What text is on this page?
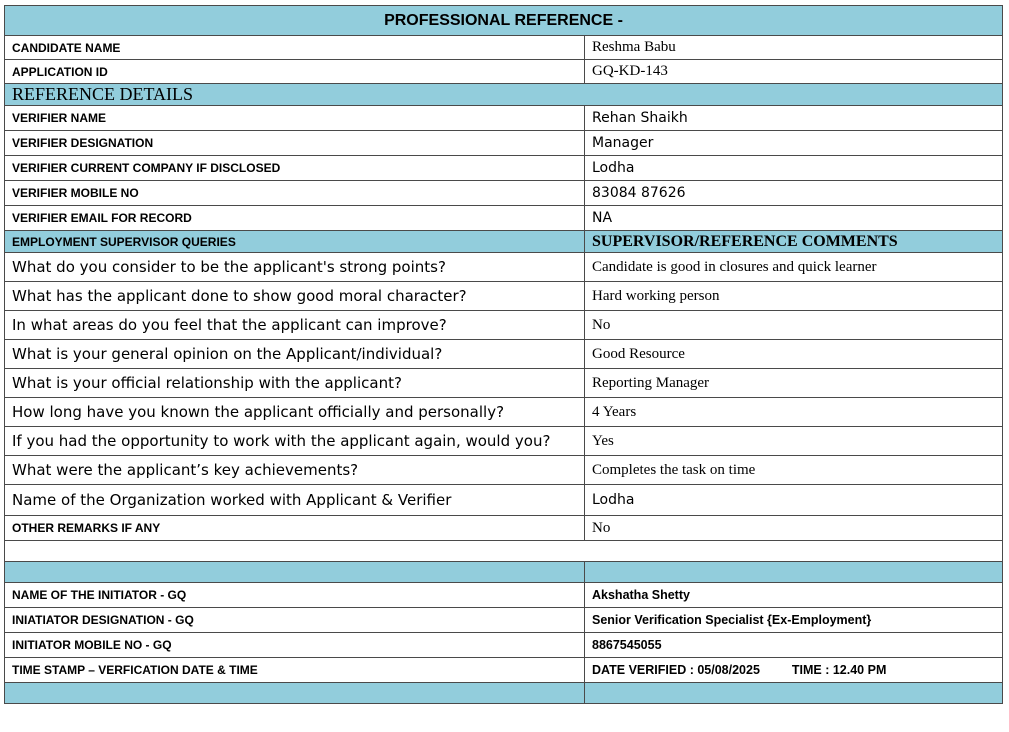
PROFESSIONAL REFERENCE -	
CANDIDATE NAME	Reshma Babu
APPLICATION ID	GQ-KD-143
REFERENCE DETAILS	
VERIFIER NAME	Rehan Shaikh
VERIFIER DESIGNATION	Manager
VERIFIER CURRENT COMPANY IF DISCLOSED	Lodha
VERIFIER MOBILE NO	83084 87626
VERIFIER EMAIL FOR RECORD	NA
EMPLOYMENT SUPERVISOR QUERIES	SUPERVISOR/REFERENCE COMMENTS
What do you consider to be the applicant's strong points?	Candidate is good in closures and quick learner
What has the applicant done to show good moral character?	Hard working person
In what areas do you feel that the applicant can improve?	No
What is your general opinion on the Applicant/individual?	Good Resource
What is your official relationship with the applicant?	Reporting Manager
How long have you known the applicant officially and personally?	4 Years
If you had the opportunity to work with the applicant again, would you?	Yes
What were the applicant’s key achievements?	Completes the task on time
Name of the Organization worked with Applicant & Verifier	Lodha
OTHER REMARKS IF ANY	No

NAME OF THE INITIATOR - GQ	Akshatha Shetty
INIATIATOR DESIGNATION - GQ	Senior Verification Specialist {Ex-Employment}
INITIATOR MOBILE NO - GQ	8867545055
TIME STAMP – VERFICATION DATE & TIME	DATE VERIFIED : 05/08/2025 TIME : 12.40 PM
